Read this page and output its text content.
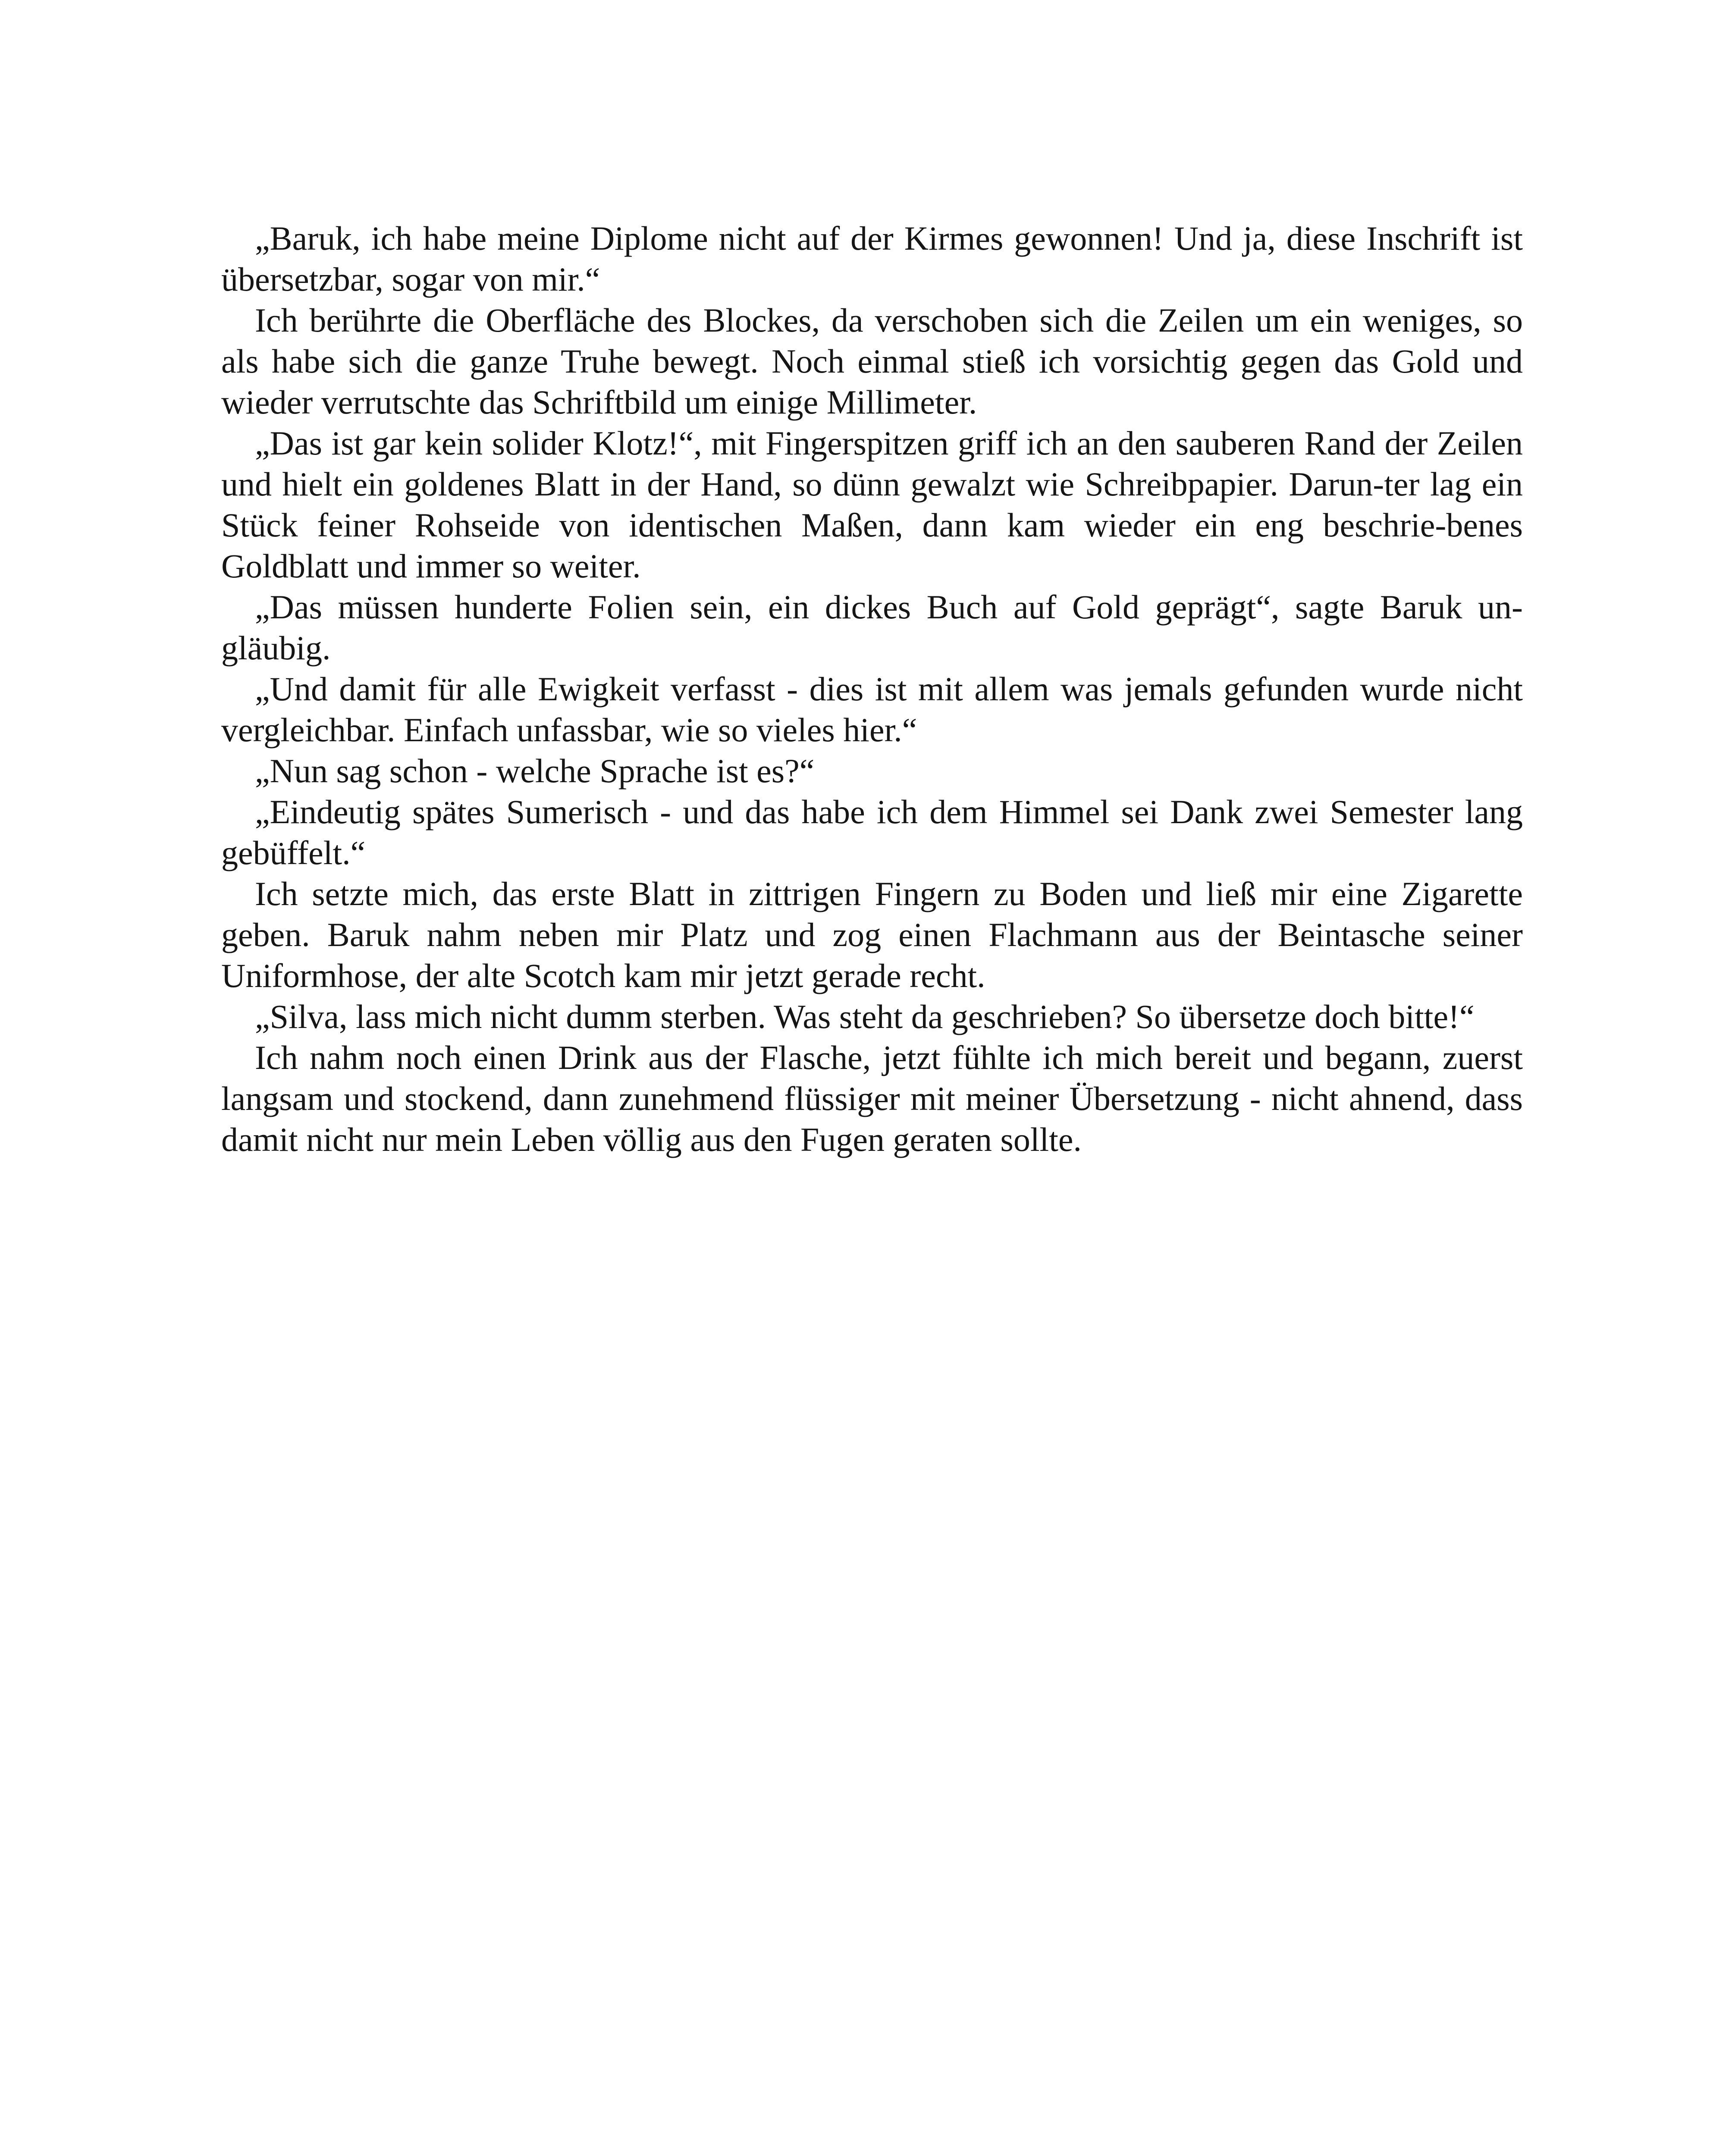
„Baruk, ich habe meine Diplome nicht auf der Kirmes gewonnen! Und ja, diese Inschrift ist übersetzbar, sogar von mir.“

Ich berührte die Oberfläche des Blockes, da verschoben sich die Zeilen um ein weniges, so als habe sich die ganze Truhe bewegt. Noch einmal stieß ich vorsichtig gegen das Gold und wieder verrutschte das Schriftbild um einige Millimeter.

„Das ist gar kein solider Klotz!“, mit Fingerspitzen griff ich an den sauberen Rand der Zeilen und hielt ein goldenes Blatt in der Hand, so dünn gewalzt wie Schreibpapier. Darun-ter lag ein Stück feiner Rohseide von identischen Maßen, dann kam wieder ein eng beschrie-benes Goldblatt und immer so weiter.

„Das müssen hunderte Folien sein, ein dickes Buch auf Gold geprägt“, sagte Baruk un-gläubig.

„Und damit für alle Ewigkeit verfasst - dies ist mit allem was jemals gefunden wurde nicht vergleichbar. Einfach unfassbar, wie so vieles hier.“

„Nun sag schon - welche Sprache ist es?“

„Eindeutig spätes Sumerisch - und das habe ich dem Himmel sei Dank zwei Semester lang gebüffelt.“

Ich setzte mich, das erste Blatt in zittrigen Fingern zu Boden und ließ mir eine Zigarette geben. Baruk nahm neben mir Platz und zog einen Flachmann aus der Beintasche seiner Uniformhose, der alte Scotch kam mir jetzt gerade recht.

„Silva, lass mich nicht dumm sterben. Was steht da geschrieben? So übersetze doch bitte!“

Ich nahm noch einen Drink aus der Flasche, jetzt fühlte ich mich bereit und begann, zuerst langsam und stockend, dann zunehmend flüssiger mit meiner Übersetzung - nicht ahnend, dass damit nicht nur mein Leben völlig aus den Fugen geraten sollte.
